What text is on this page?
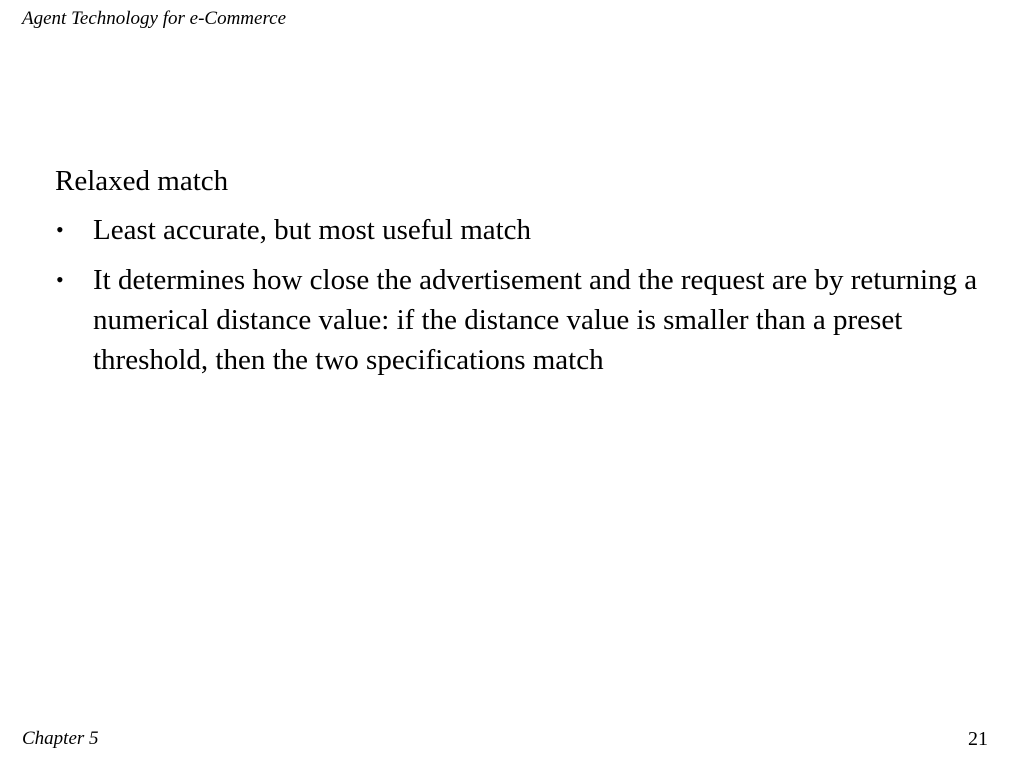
Agent Technology for e-Commerce
Relaxed match
• Least accurate, but most useful match
• It determines how close the advertisement and the request are by returning a numerical distance value: if the distance value is smaller than a preset threshold, then the two specifications match
Chapter 5	21
